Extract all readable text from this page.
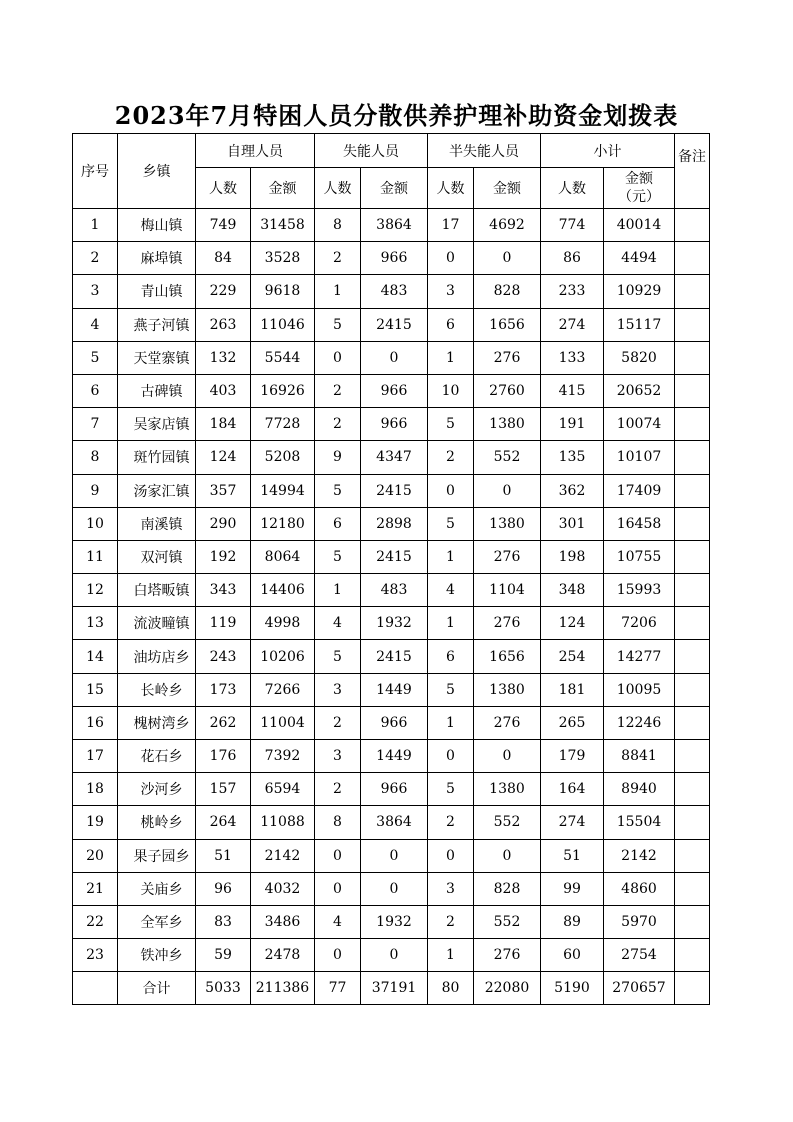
2023年7月特困人员分散供养护理补助资金划拨表
序号	乡镇	自理人员		失能人员		半失能人员		小计		备注
		人数	金额	人数	金额	人数	金额	人数	金额（元）	
1	梅山镇	749	31458	8	3864	17	4692	774	40014	
2	麻埠镇	84	3528	2	966	0	0	86	4494	
3	青山镇	229	9618	1	483	3	828	233	10929	
4	燕子河镇	263	11046	5	2415	6	1656	274	15117	
5	天堂寨镇	132	5544	0	0	1	276	133	5820	
6	古碑镇	403	16926	2	966	10	2760	415	20652	
7	吴家店镇	184	7728	2	966	5	1380	191	10074	
8	斑竹园镇	124	5208	9	4347	2	552	135	10107	
9	汤家汇镇	357	14994	5	2415	0	0	362	17409	
10	南溪镇	290	12180	6	2898	5	1380	301	16458	
11	双河镇	192	8064	5	2415	1	276	198	10755	
12	白塔畈镇	343	14406	1	483	4	1104	348	15993	
13	流波疃镇	119	4998	4	1932	1	276	124	7206	
14	油坊店乡	243	10206	5	2415	6	1656	254	14277	
15	长岭乡	173	7266	3	1449	5	1380	181	10095	
16	槐树湾乡	262	11004	2	966	1	276	265	12246	
17	花石乡	176	7392	3	1449	0	0	179	8841	
18	沙河乡	157	6594	2	966	5	1380	164	8940	
19	桃岭乡	264	11088	8	3864	2	552	274	15504	
20	果子园乡	51	2142	0	0	0	0	51	2142	
21	关庙乡	96	4032	0	0	3	828	99	4860	
22	全军乡	83	3486	4	1932	2	552	89	5970	
23	铁冲乡	59	2478	0	0	1	276	60	2754	
	合计	5033	211386	77	37191	80	22080	5190	270657	
